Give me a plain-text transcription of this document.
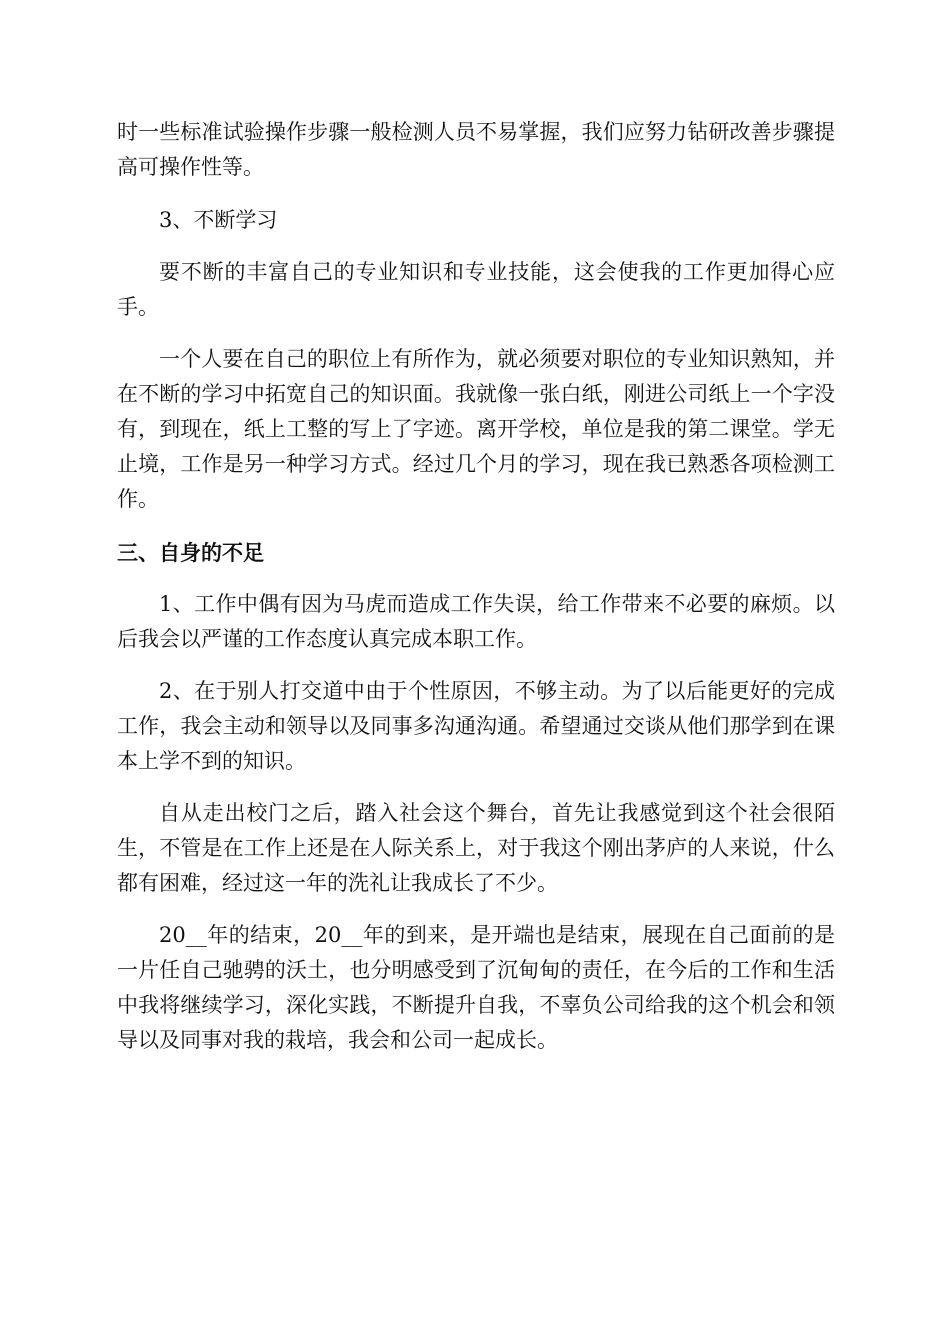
时一些标准试验操作步骤一般检测人员不易掌握，我们应努力钻研改善步骤提高可操作性等。

3、不断学习

要不断的丰富自己的专业知识和专业技能，这会使我的工作更加得心应手。

一个人要在自己的职位上有所作为，就必须要对职位的专业知识熟知，并在不断的学习中拓宽自己的知识面。我就像一张白纸，刚进公司纸上一个字没有，到现在，纸上工整的写上了字迹。离开学校，单位是我的第二课堂。学无止境，工作是另一种学习方式。经过几个月的学习，现在我已熟悉各项检测工作。

三、自身的不足

1、工作中偶有因为马虎而造成工作失误，给工作带来不必要的麻烦。以后我会以严谨的工作态度认真完成本职工作。

2、在于别人打交道中由于个性原因，不够主动。为了以后能更好的完成工作，我会主动和领导以及同事多沟通沟通。希望通过交谈从他们那学到在课本上学不到的知识。

自从走出校门之后，踏入社会这个舞台，首先让我感觉到这个社会很陌生，不管是在工作上还是在人际关系上，对于我这个刚出茅庐的人来说，什么都有困难，经过这一年的洗礼让我成长了不少。

20__年的结束，20__年的到来，是开端也是结束，展现在自己面前的是一片任自己驰骋的沃土，也分明感受到了沉甸甸的责任，在今后的工作和生活中我将继续学习，深化实践，不断提升自我，不辜负公司给我的这个机会和领导以及同事对我的栽培，我会和公司一起成长。
